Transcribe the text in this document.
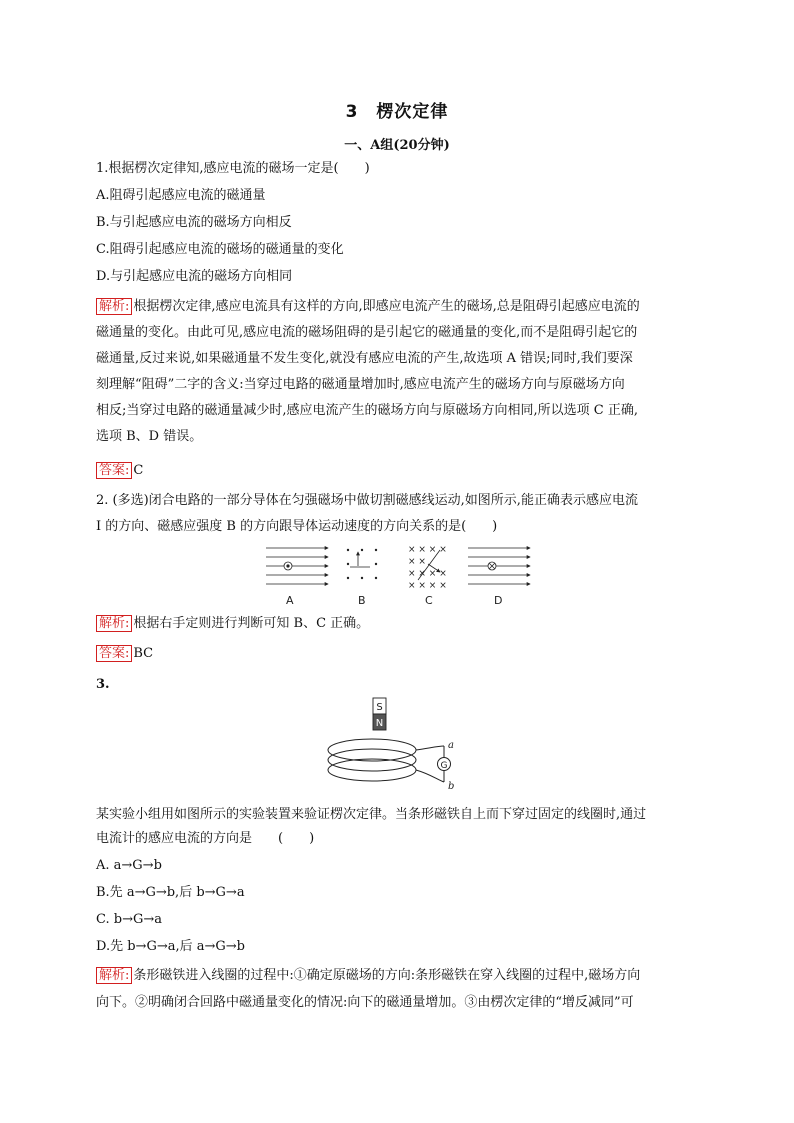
3　楞次定律
一、A组(20分钟)
1.根据楞次定律知,感应电流的磁场一定是(　　)
A.阻碍引起感应电流的磁通量
B.与引起感应电流的磁场方向相反
C.阻碍引起感应电流的磁场的磁通量的变化
D.与引起感应电流的磁场方向相同
解析: 根据楞次定律,感应电流具有这样的方向,即感应电流产生的磁场,总是阻碍引起感应电流的
磁通量的变化。由此可见,感应电流的磁场阻碍的是引起它的磁通量的变化,而不是阻碍引起它的
磁通量,反过来说,如果磁通量不发生变化,就没有感应电流的产生,故选项 A 错误;同时,我们要深
刻理解“阻碍”二字的含义:当穿过电路的磁通量增加时,感应电流产生的磁场方向与原磁场方向
相反;当穿过电路的磁通量减少时,感应电流产生的磁场方向与原磁场方向相同,所以选项 C 正确,
选项 B、D 错误。
答案: C
2. (多选)闭合电路的一部分导体在匀强磁场中做切割磁感线运动,如图所示,能正确表示感应电流
I 的方向、磁感应强度 B 的方向跟导体运动速度的方向关系的是(　　)
× × × ×
× ×
× × × ×
× × × ×
A	B	C	D
解析: 根据右手定则进行判断可知 B、C 正确。
答案: BC
3.
S
N
G
a
b
某实验小组用如图所示的实验装置来验证楞次定律。当条形磁铁自上而下穿过固定的线圈时,通过
电流计的感应电流的方向是　　(　　)
A. a→G→b
B.先 a→G→b,后 b→G→a
C. b→G→a
D.先 b→G→a,后 a→G→b
解析: 条形磁铁进入线圈的过程中:①确定原磁场的方向:条形磁铁在穿入线圈的过程中,磁场方向
向下。②明确闭合回路中磁通量变化的情况:向下的磁通量增加。③由楞次定律的“增反减同”可
